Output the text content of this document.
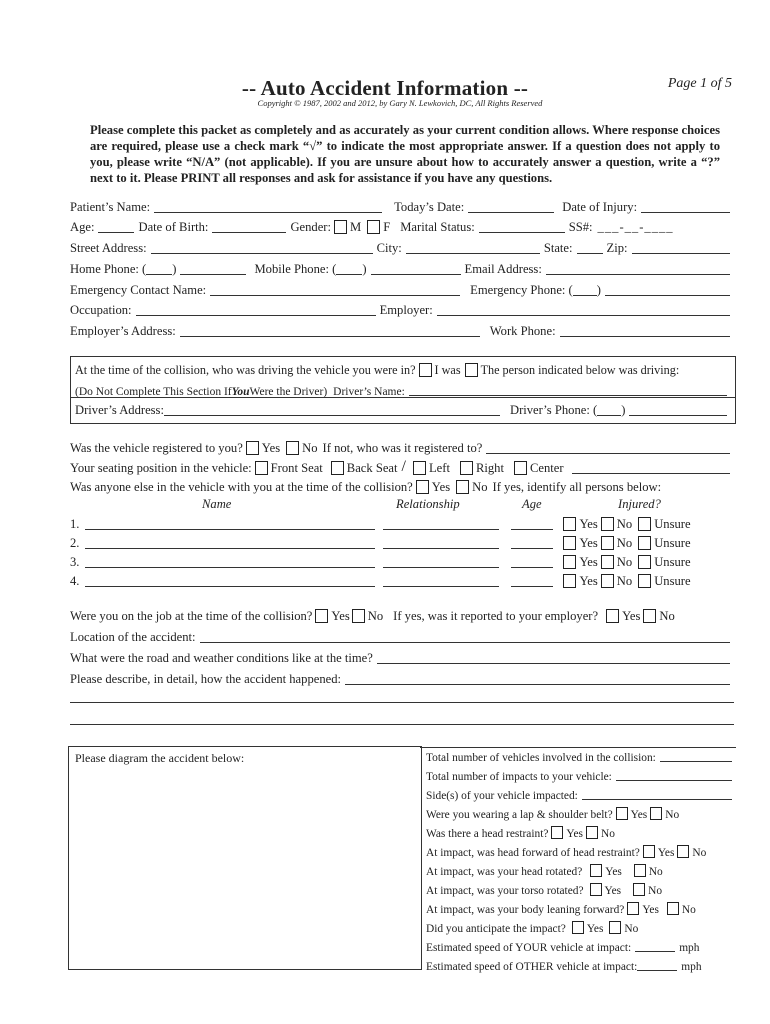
-- Auto Accident Information --	Page 1 of 5
Copyright © 1987, 2002 and 2012, by Gary N. Lewkovich, DC, All Rights Reserved
Please complete this packet as completely and as accurately as your current condition allows. Where response choices are required, please use a check mark “√” to indicate the most appropriate answer. If a question does not apply to you, please write “N/A” (not applicable). If you are unsure about how to accurately answer a question, write a “?” next to it. Please PRINT all responses and ask for assistance if you have any questions.
Patient’s Name:	Today’s Date:	Date of Injury:
Age:	Date of Birth:	Gender: M F Marital Status:	SS#: ___-__-____
Street Address:	City:	State:	Zip:
Home Phone: ( )	Mobile Phone: ( )	Email Address:
Emergency Contact Name:	Emergency Phone: ( )
Occupation:	Employer:
Employer’s Address:	Work Phone:
At the time of the collision, who was driving the vehicle you were in? I was The person indicated below was driving:
(Do Not Complete This Section If You Were the Driver) Driver’s Name:
Driver’s Address:	Driver’s Phone: ( )
Was the vehicle registered to you? Yes No If not, who was it registered to?
Your seating position in the vehicle: Front Seat Back Seat / Left Right Center
Was anyone else in the vehicle with you at the time of the collision? Yes No If yes, identify all persons below:
Name	Relationship	Age	Injured?
1.	Yes No Unsure
2.	Yes No Unsure
3.	Yes No Unsure
4.	Yes No Unsure
Were you on the job at the time of the collision? Yes No If yes, was it reported to your employer? Yes No
Location of the accident:
What were the road and weather conditions like at the time?
Please describe, in detail, how the accident happened:
Please diagram the accident below:	Total number of vehicles involved in the collision:
Total number of impacts to your vehicle:
Side(s) of your vehicle impacted:
Were you wearing a lap & shoulder belt? Yes No
Was there a head restraint? Yes No
At impact, was head forward of head restraint? Yes No
At impact, was your head rotated? Yes No
At impact, was your torso rotated? Yes No
At impact, was your body leaning forward? Yes No
Did you anticipate the impact? Yes No
Estimated speed of YOUR vehicle at impact:	mph
Estimated speed of OTHER vehicle at impact:	mph
